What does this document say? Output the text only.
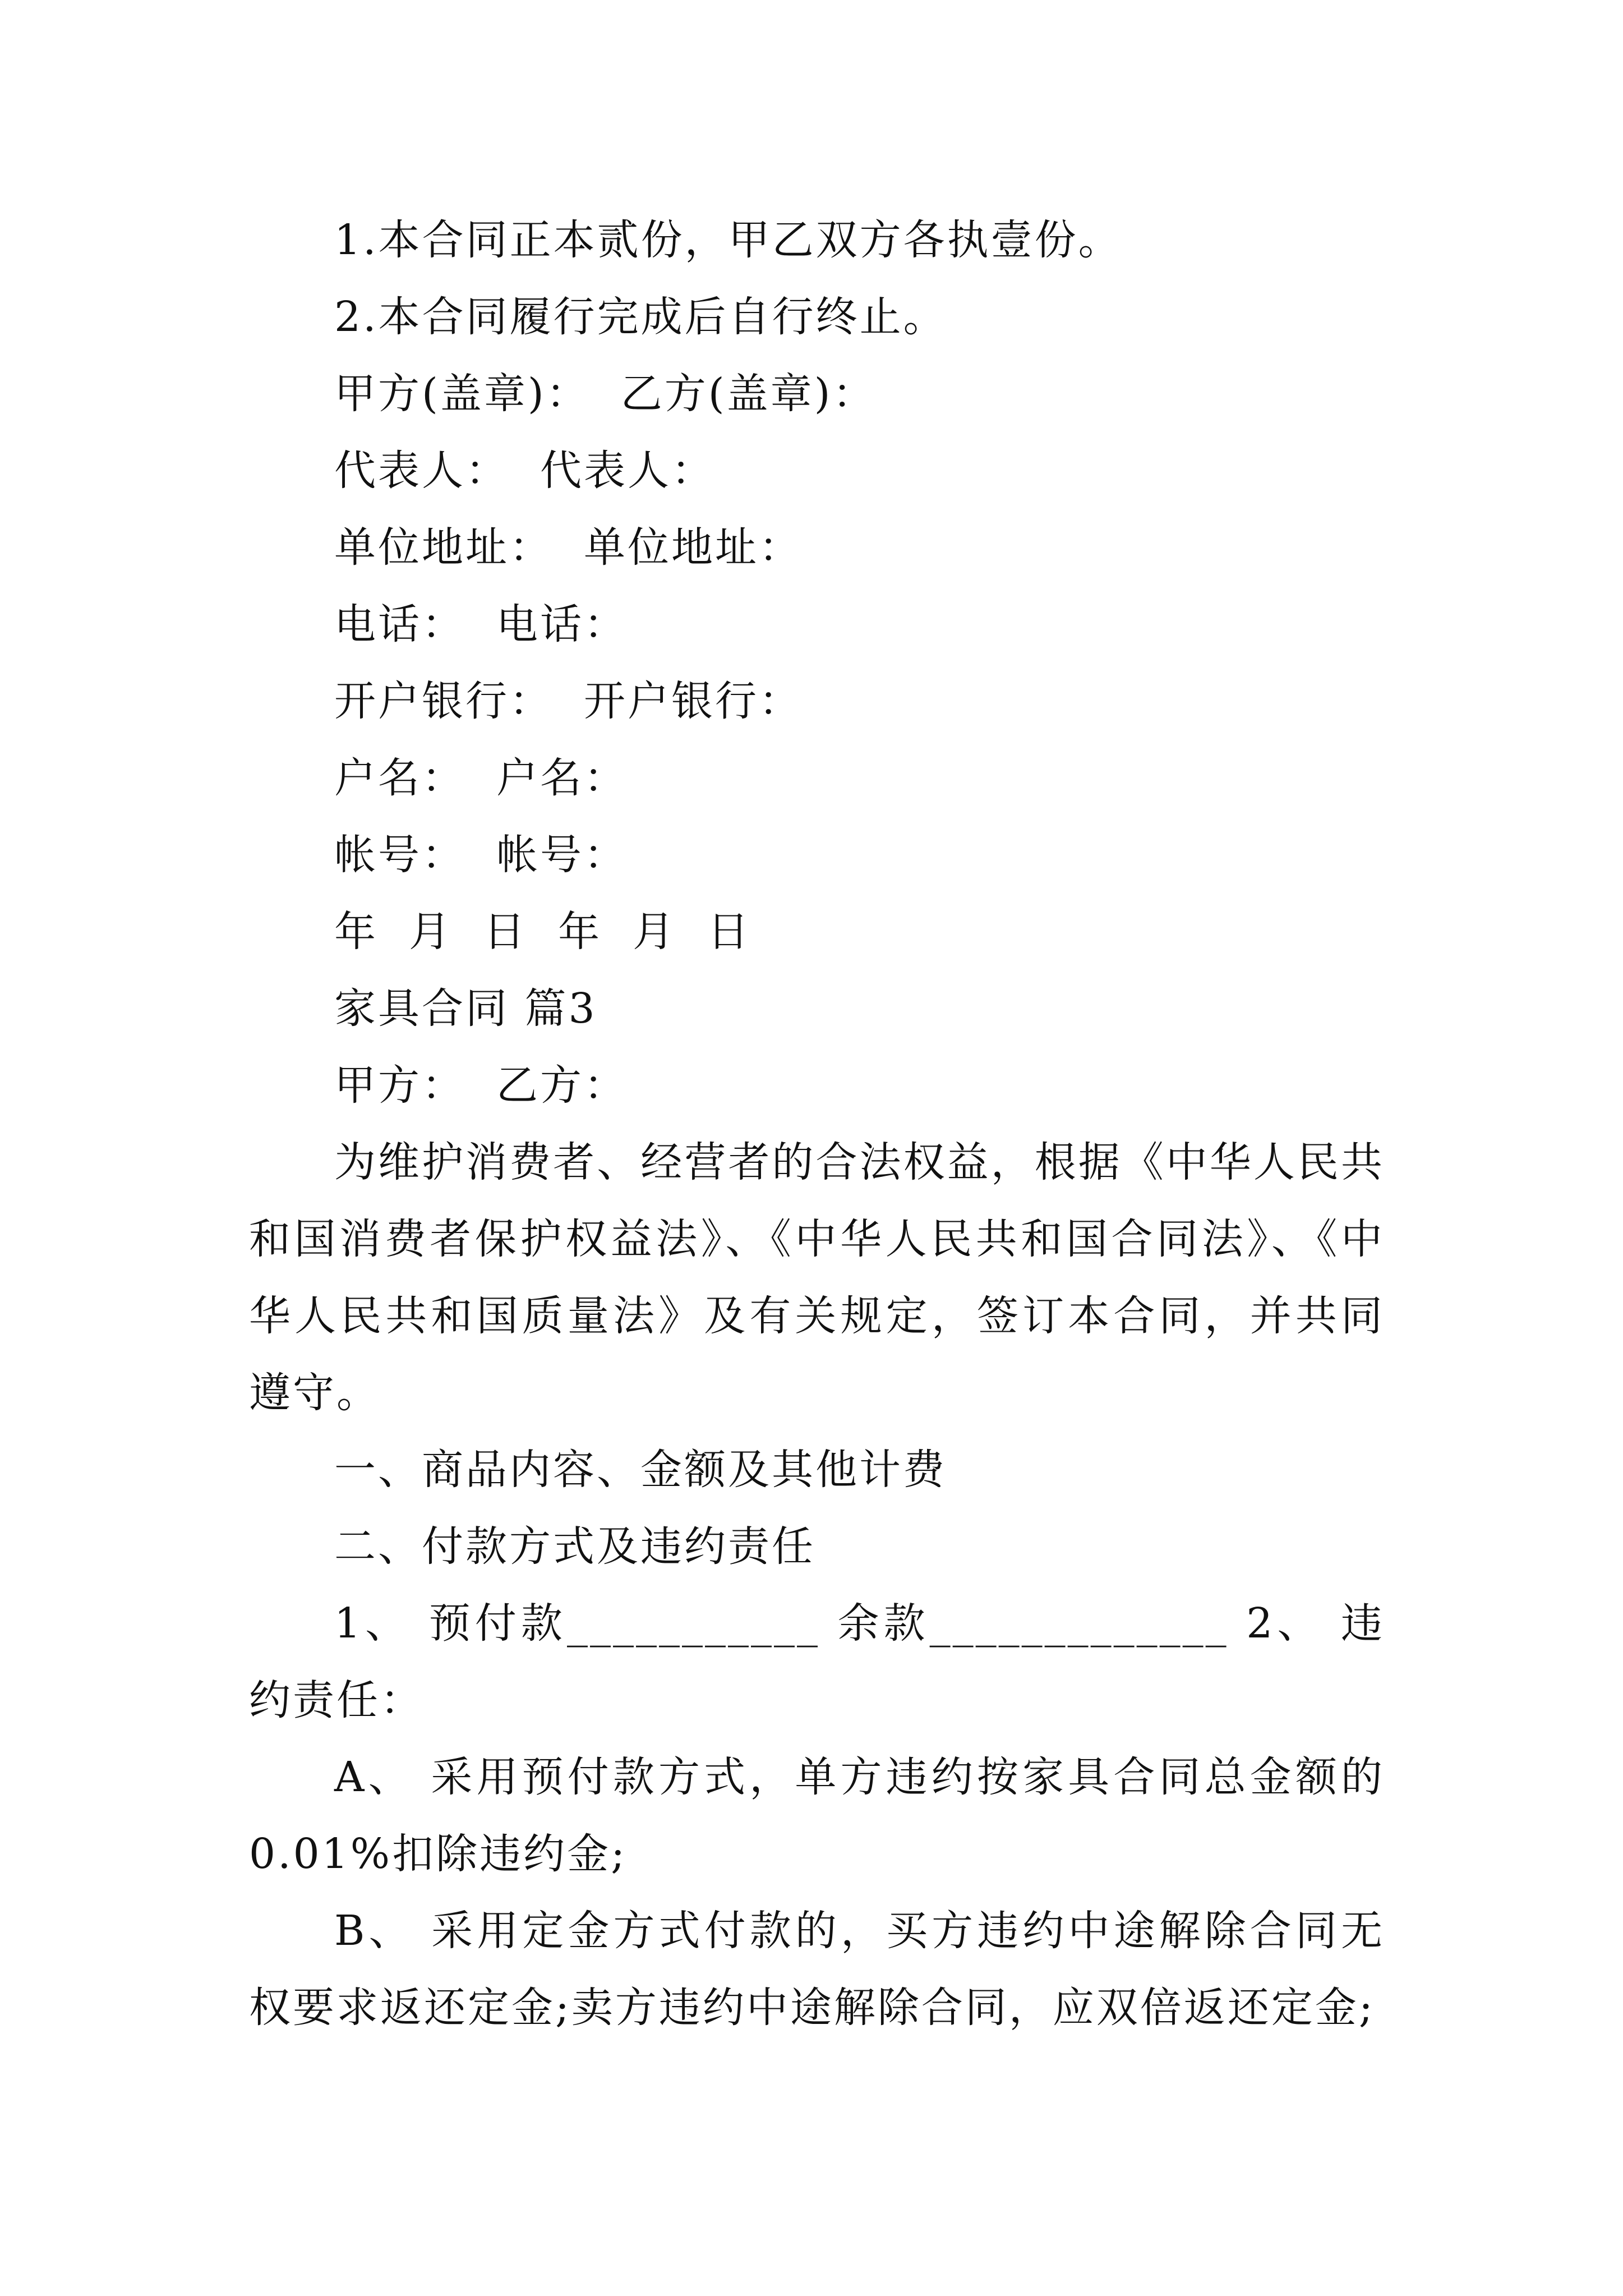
1.本合同正本贰份，甲乙双方各执壹份。

2.本合同履行完成后自行终止。

甲方(盖章)：  乙方(盖章)：

代表人：  代表人：

单位地址：  单位地址：

电话：  电话：

开户银行：  开户银行：

户名：  户名：

帐号：  帐号：

年  月  日  年  月  日

家具合同 篇3

甲方：  乙方：

为维护消费者、经营者的合法权益，根据《中华人民共和国消费者保护权益法》、《中华人民共和国合同法》、《中华人民共和国质量法》及有关规定，签订本合同，并共同遵守。

一、商品内容、金额及其他计费

二、付款方式及违约责任

1、 预付款___________ 余款_____________ 2、 违约责任：

A、 采用预付款方式，单方违约按家具合同总金额的0.01%扣除违约金;

B、 采用定金方式付款的，买方违约中途解除合同无权要求返还定金;卖方违约中途解除合同，应双倍返还定金;
